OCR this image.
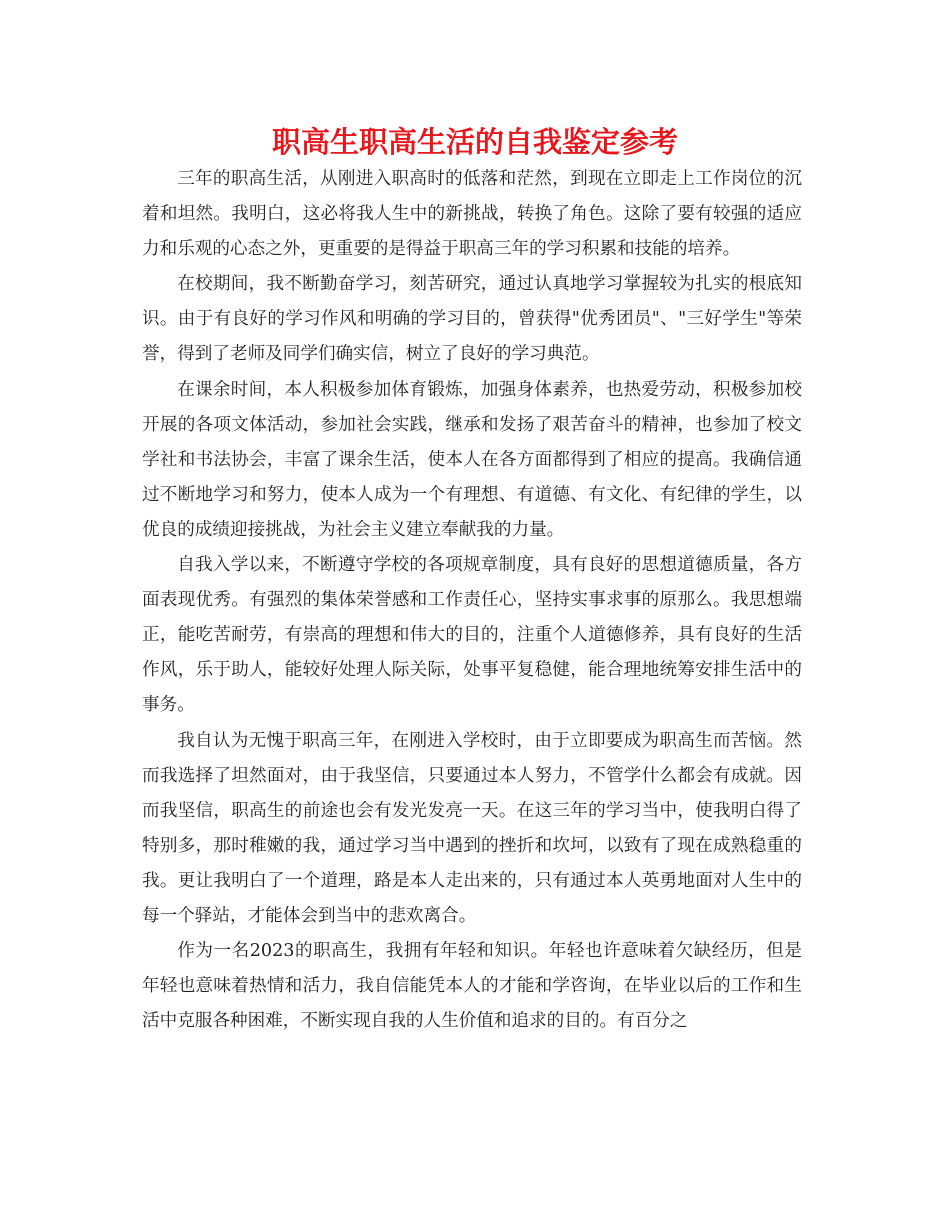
职高生职高生活的自我鉴定参考

三年的职高生活，从刚进入职高时的低落和茫然，到现在立即走上工作岗位的沉着和坦然。我明白，这必将我人生中的新挑战，转换了角色。这除了要有较强的适应力和乐观的心态之外，更重要的是得益于职高三年的学习积累和技能的培养。

在校期间，我不断勤奋学习，刻苦研究，通过认真地学习掌握较为扎实的根底知识。由于有良好的学习作风和明确的学习目的，曾获得"优秀团员"、"三好学生"等荣誉，得到了老师及同学们确实信，树立了良好的学习典范。

在课余时间，本人积极参加体育锻炼，加强身体素养，也热爱劳动，积极参加校开展的各项文体活动，参加社会实践，继承和发扬了艰苦奋斗的精神，也参加了校文学社和书法协会，丰富了课余生活，使本人在各方面都得到了相应的提高。我确信通过不断地学习和努力，使本人成为一个有理想、有道德、有文化、有纪律的学生，以优良的成绩迎接挑战，为社会主义建立奉献我的力量。

自我入学以来，不断遵守学校的各项规章制度，具有良好的思想道德质量，各方面表现优秀。有强烈的集体荣誉感和工作责任心，坚持实事求事的原那么。我思想端正，能吃苦耐劳，有崇高的理想和伟大的目的，注重个人道德修养，具有良好的生活作风，乐于助人，能较好处理人际关际，处事平复稳健，能合理地统筹安排生活中的事务。

我自认为无愧于职高三年，在刚进入学校时，由于立即要成为职高生而苦恼。然而我选择了坦然面对，由于我坚信，只要通过本人努力，不管学什么都会有成就。因而我坚信，职高生的前途也会有发光发亮一天。在这三年的学习当中，使我明白得了特别多，那时稚嫩的我，通过学习当中遇到的挫折和坎坷，以致有了现在成熟稳重的我。更让我明白了一个道理，路是本人走出来的，只有通过本人英勇地面对人生中的每一个驿站，才能体会到当中的悲欢离合。

作为一名2023的职高生，我拥有年轻和知识。年轻也许意味着欠缺经历，但是年轻也意味着热情和活力，我自信能凭本人的才能和学咨询，在毕业以后的工作和生活中克服各种困难，不断实现自我的人生价值和追求的目的。有百分之
